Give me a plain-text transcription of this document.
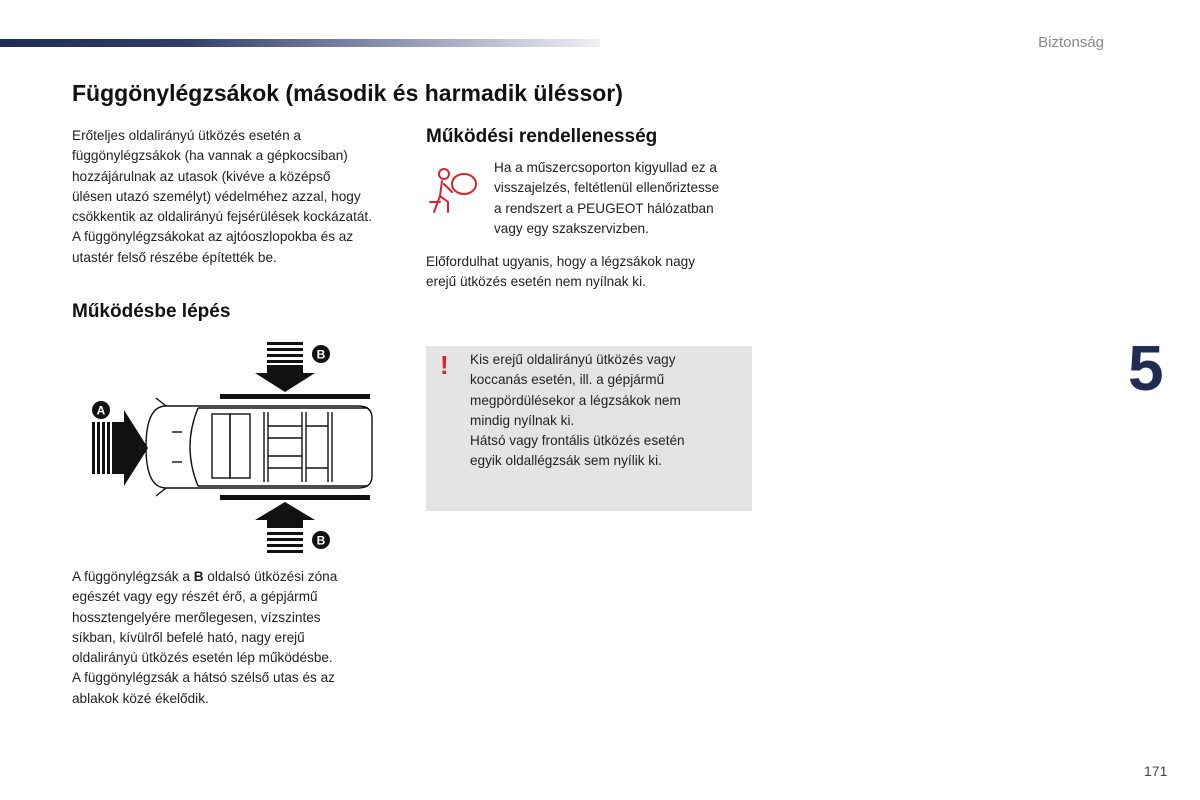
Biztonság
5
171
Függönylégzsákok (második és harmadik üléssor)
Erőteljes oldalirányú ütközés esetén a
függönylégzsákok (ha vannak a gépkocsiban)
hozzájárulnak az utasok (kivéve a középső
ülésen utazó személyt) védelméhez azzal, hogy
csökkentik az oldalirányú fejsérülések kockázatát.
A függönylégzsákokat az ajtóoszlopokba és az
utastér felső részébe építették be.
Működésbe lépés
A
B
B
A függönylégzsák a B oldalsó ütközési zóna
egészét vagy egy részét érő, a gépjármű
hossztengelyére merőlegesen, vízszintes
síkban, kívülről befelé ható, nagy erejű
oldalirányú ütközés esetén lép működésbe.
A függönylégzsák a hátsó szélső utas és az
ablakok közé ékelődik.
Működési rendellenesség
Ha a műszercsoporton kigyullad ez a
visszajelzés, feltétlenül ellenőriztesse
a rendszert a PEUGEOT hálózatban
vagy egy szakszervizben.
Előfordulhat ugyanis, hogy a légzsákok nagy
erejű ütközés esetén nem nyílnak ki.
! Kis erejű oldalirányú ütközés vagy
koccanás esetén, ill. a gépjármű
megpördülésekor a légzsákok nem
mindig nyílnak ki.
Hátsó vagy frontális ütközés esetén
egyik oldallégzsák sem nyílik ki.
